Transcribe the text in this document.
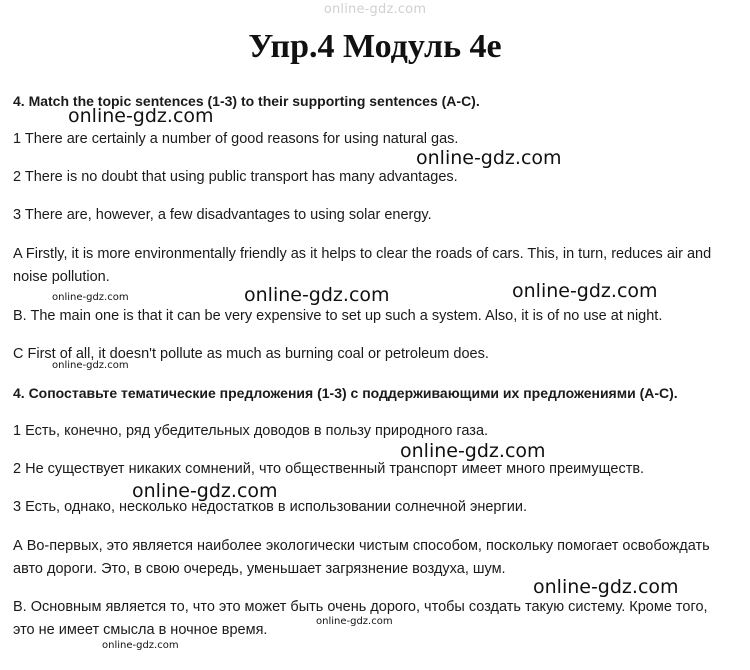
online-gdz.com
Упр.4 Модуль 4e

4. Match the topic sentences (1-3) to their supporting sentences (A-C).

1 There are certainly a number of good reasons for using natural gas.

2 There is no doubt that using public transport has many advantages.

3 There are, however, a few disadvantages to using solar energy.

A Firstly, it is more environmentally friendly as it helps to clear the roads of cars. This, in turn, reduces air and noise pollution.

B. The main one is that it can be very expensive to set up such a system. Also, it is of no use at night.

C First of all, it doesn't pollute as much as burning coal or petroleum does.

4. Сопоставьте тематические предложения (1-3) с поддерживающими их предложениями (A-C).

1 Есть, конечно, ряд убедительных доводов в пользу природного газа.

2 Не существует никаких сомнений, что общественный транспорт имеет много преимуществ.

3 Есть, однако, несколько недостатков в использовании солнечной энергии.

А Во-первых, это является наиболее экологически чистым способом, поскольку помогает освобождать авто дороги. Это, в свою очередь, уменьшает загрязнение воздуха, шум.

В. Основным является то, что это может быть очень дорого, чтобы создать такую систему. Кроме того, это не имеет смысла в ночное время.

online-gdz.com
online-gdz.com
online-gdz.com	online-gdz.com	online-gdz.com
online-gdz.com
online-gdz.com
online-gdz.com
online-gdz.com
online-gdz.com
online-gdz.com
